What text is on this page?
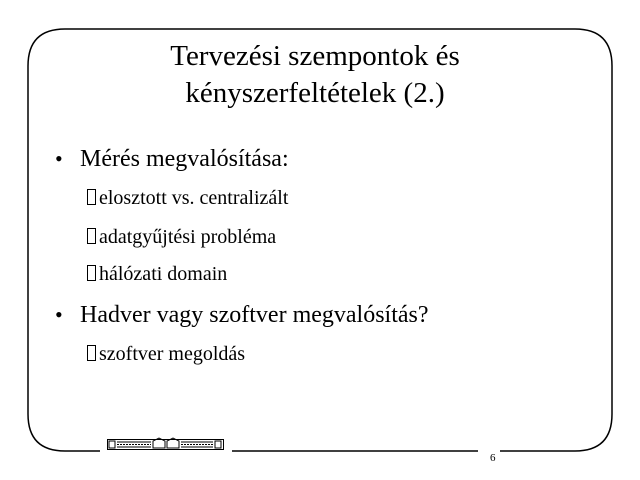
Tervezési szempontok és
kényszerfeltételek (2.)
• Mérés megvalósítása:
elosztott vs. centralizált
adatgyűjtési probléma
hálózati domain
• Hadver vagy szoftver megvalósítás?
szoftver megoldás
6
